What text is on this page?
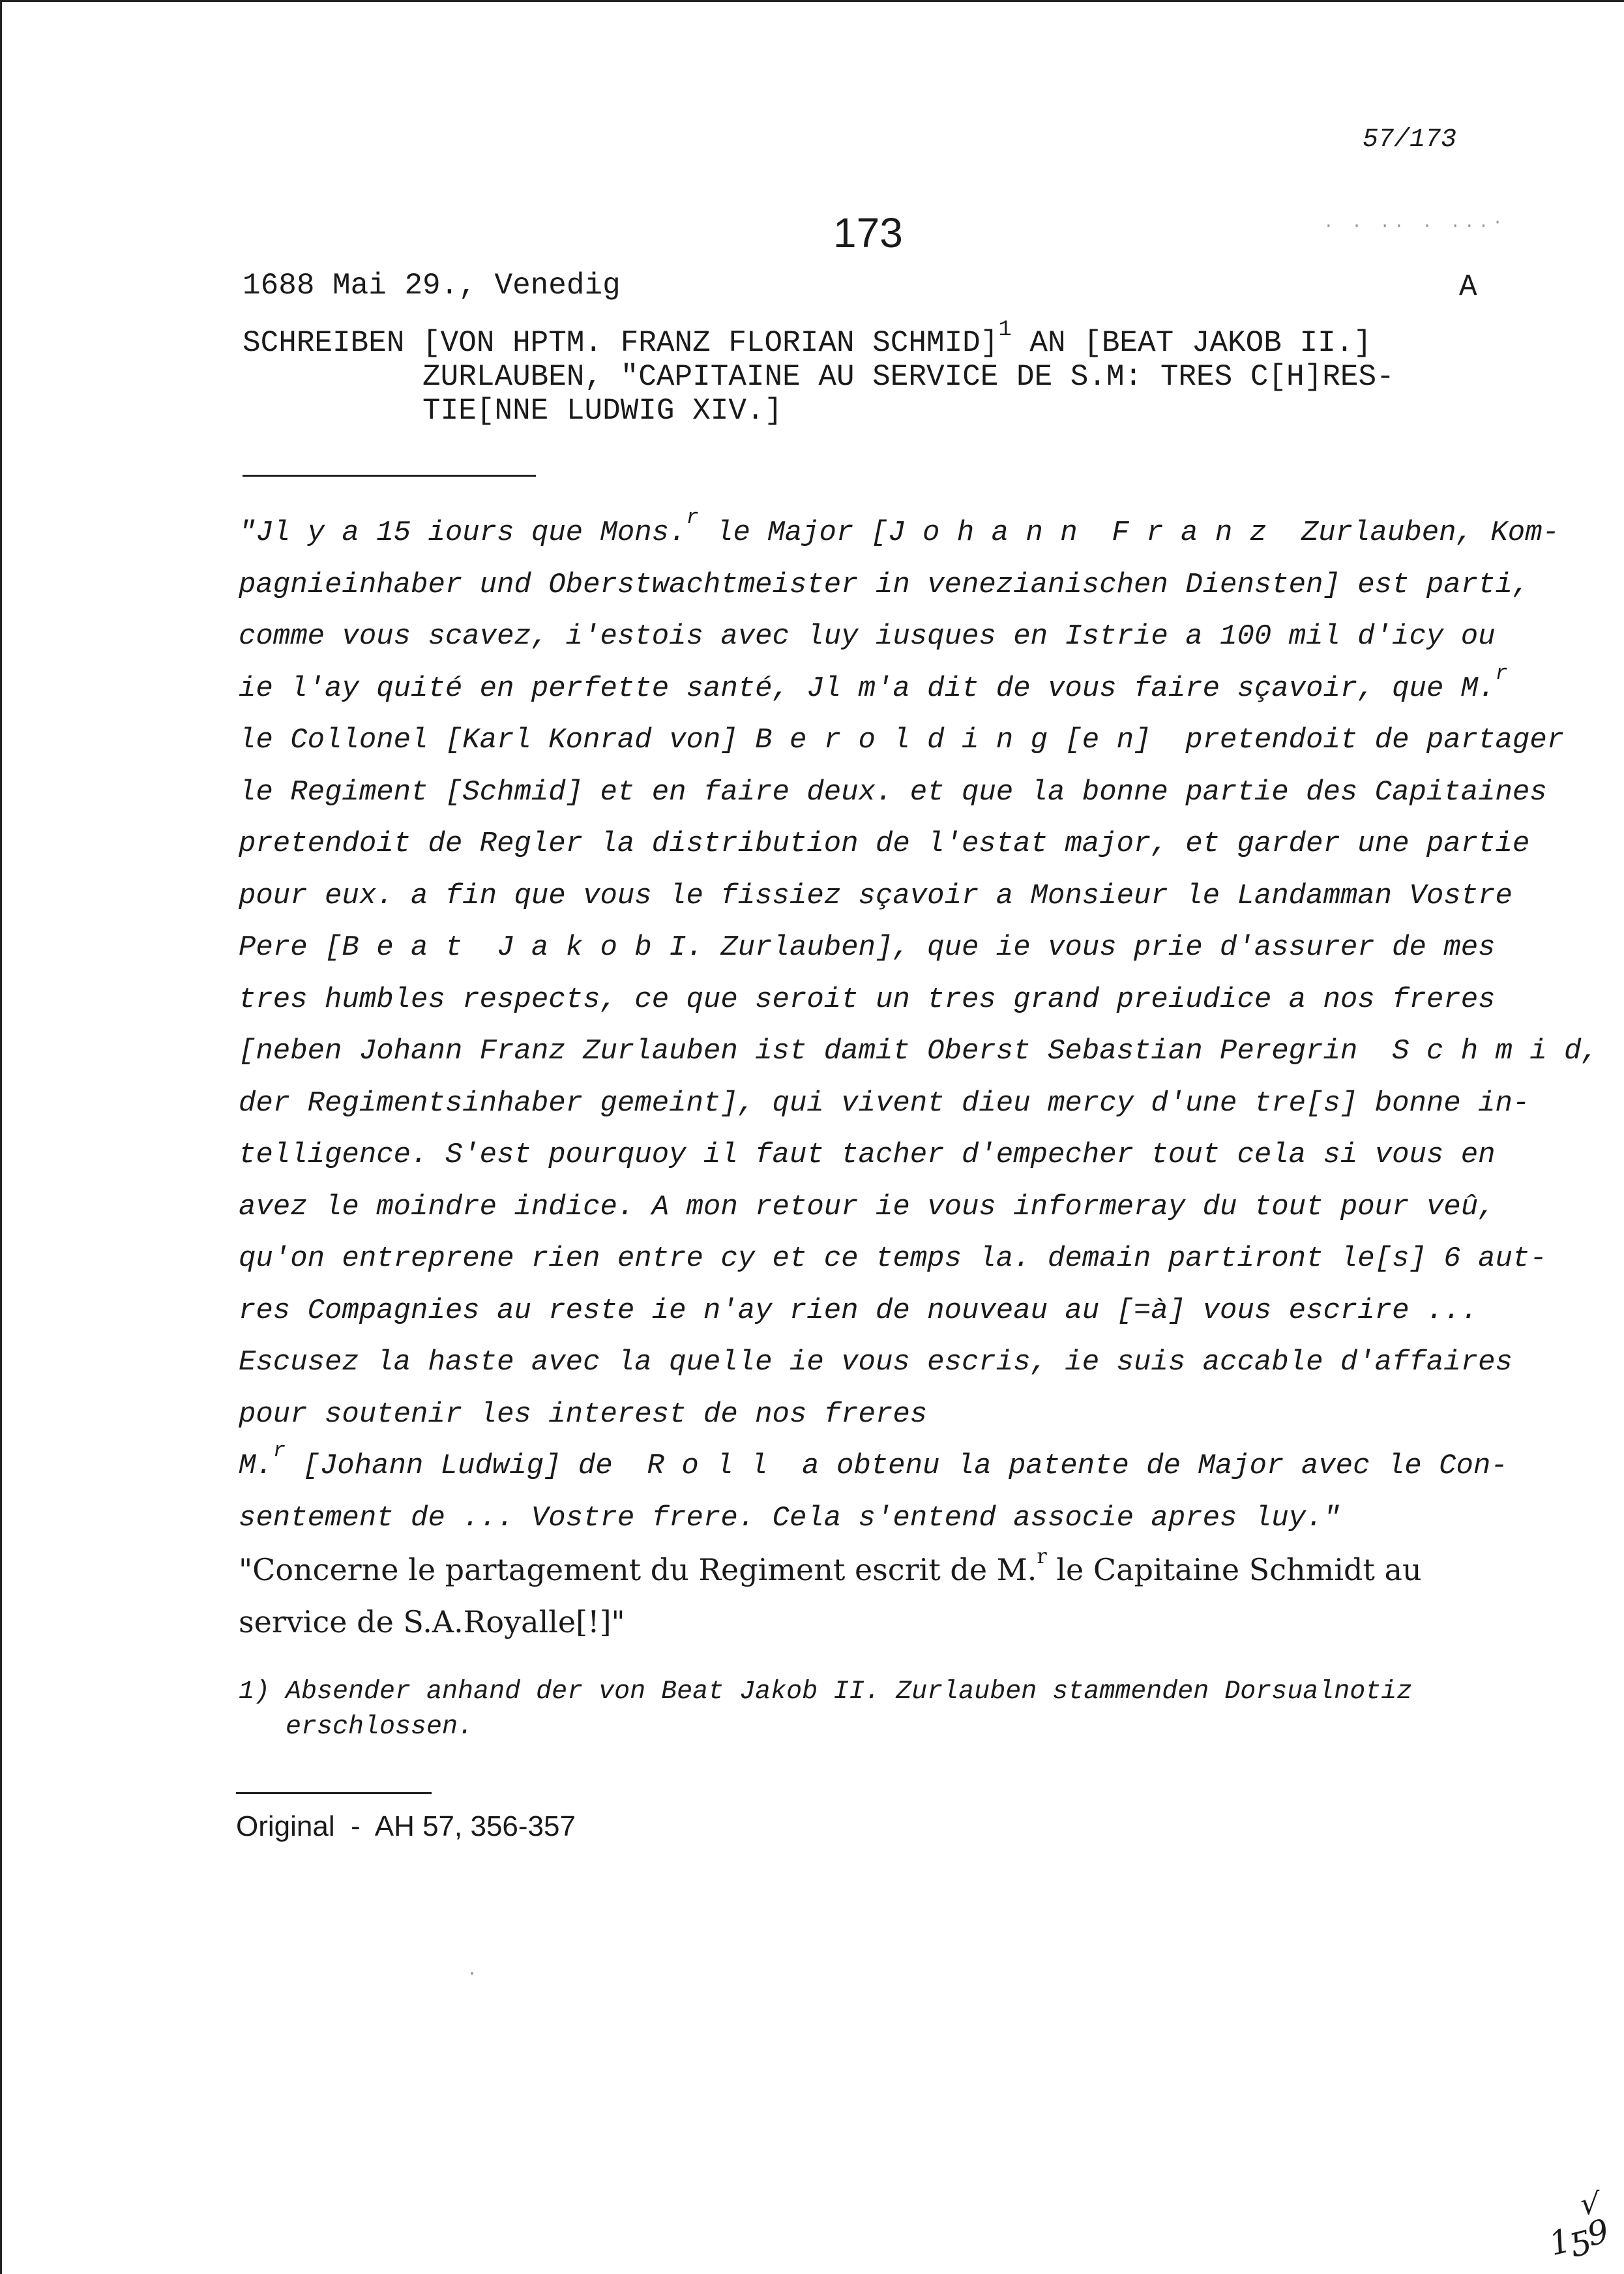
57/173
173	. . .. . ...·
1688 Mai 29., Venedig	A
SCHREIBEN [VON HPTM. FRANZ FLORIAN SCHMID]$^1$ AN [BEAT JAKOB II.]
ZURLAUBEN, "CAPITAINE AU SERVICE DE S.M: TRES C[H]RES-
TIE[NNE LUDWIG XIV.]
"Jl y a 15 iours que Mons.$^r$ le Major [J o h a n n  F r a n z  Zurlauben, Kom-
pagnieinhaber und Oberstwachtmeister in venezianischen Diensten] est parti,
comme vous scavez, i'estois avec luy iusques en Istrie a 100 mil d'icy ou
ie l'ay quité en perfette santé, Jl m'a dit de vous faire sçavoir, que M.$^r$
le Collonel [Karl Konrad von] B e r o l d i n g [e n]  pretendoit de partager
le Regiment [Schmid] et en faire deux. et que la bonne partie des Capitaines
pretendoit de Regler la distribution de l'estat major, et garder une partie
pour eux. a fin que vous le fissiez sçavoir a Monsieur le Landamman Vostre
Pere [B e a t  J a k o b I. Zurlauben], que ie vous prie d'assurer de mes
tres humbles respects, ce que seroit un tres grand preiudice a nos freres
[neben Johann Franz Zurlauben ist damit Oberst Sebastian Peregrin  S c h m i d,
der Regimentsinhaber gemeint], qui vivent dieu mercy d'une tre[s] bonne in-
telligence. S'est pourquoy il faut tacher d'empecher tout cela si vous en
avez le moindre indice. A mon retour ie vous informeray du tout pour veû,
qu'on entreprene rien entre cy et ce temps la. demain partiront le[s] 6 aut-
res Compagnies au reste ie n'ay rien de nouveau au [=à] vous escrire ...
Escusez la haste avec la quelle ie vous escris, ie suis accable d'affaires
pour soutenir les interest de nos freres
M.$^r$ [Johann Ludwig] de  R o l l  a obtenu la patente de Major avec le Con-
sentement de ... Vostre frere. Cela s'entend associe apres luy."
"Concerne le partagement du Regiment escrit de M.$^r$ le Capitaine Schmidt au
service de S.A.Royalle[!]"
1) Absender anhand der von Beat Jakob II. Zurlauben stammenden Dorsualnotiz
erschlossen.
Original  -  AH 57, 356-357
√
1ƽ9
